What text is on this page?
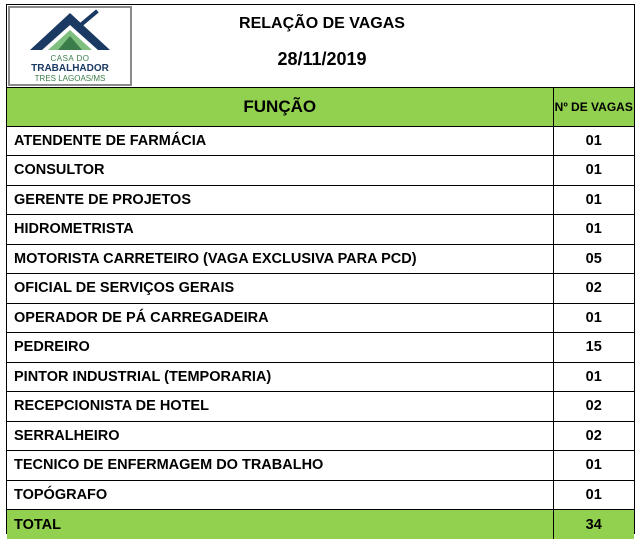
CASA DO
TRABALHADOR
TRES LAGOAS/MS
RELAÇÃO DE VAGAS
28/11/2019
FUNÇÃO	Nº DE VAGAS
ATENDENTE DE FARMÁCIA	01
CONSULTOR	01
GERENTE DE PROJETOS	01
HIDROMETRISTA	01
MOTORISTA CARRETEIRO (VAGA EXCLUSIVA PARA PCD)	05
OFICIAL DE SERVIÇOS GERAIS	02
OPERADOR DE PÁ CARREGADEIRA	01
PEDREIRO	15
PINTOR INDUSTRIAL (TEMPORARIA)	01
RECEPCIONISTA DE HOTEL	02
SERRALHEIRO	02
TECNICO DE ENFERMAGEM DO TRABALHO	01
TOPÓGRAFO	01
TOTAL	34
